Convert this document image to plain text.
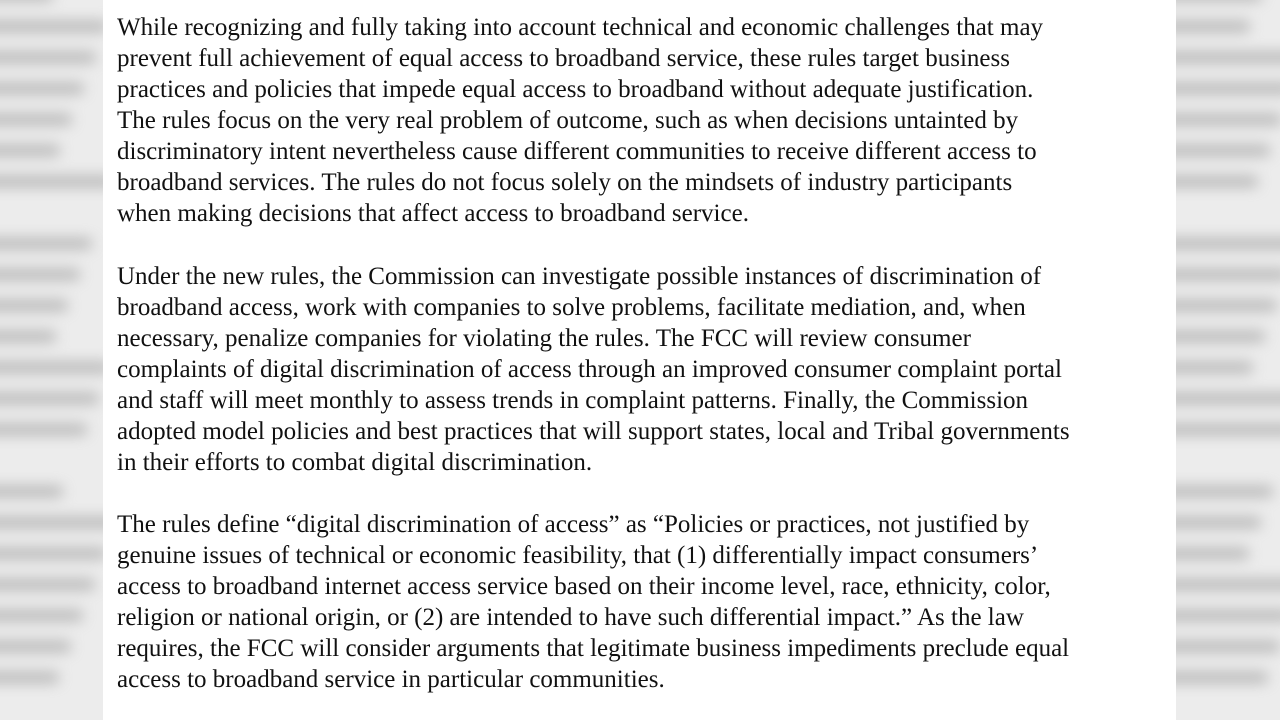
While recognizing and fully taking into account technical and economic challenges that may
prevent full achievement of equal access to broadband service, these rules target business
practices and policies that impede equal access to broadband without adequate justification.
The rules focus on the very real problem of outcome, such as when decisions untainted by
discriminatory intent nevertheless cause different communities to receive different access to
broadband services. The rules do not focus solely on the mindsets of industry participants
when making decisions that affect access to broadband service.

Under the new rules, the Commission can investigate possible instances of discrimination of
broadband access, work with companies to solve problems, facilitate mediation, and, when
necessary, penalize companies for violating the rules. The FCC will review consumer
complaints of digital discrimination of access through an improved consumer complaint portal
and staff will meet monthly to assess trends in complaint patterns. Finally, the Commission
adopted model policies and best practices that will support states, local and Tribal governments
in their efforts to combat digital discrimination.

The rules define “digital discrimination of access” as “Policies or practices, not justified by
genuine issues of technical or economic feasibility, that (1) differentially impact consumers’
access to broadband internet access service based on their income level, race, ethnicity, color,
religion or national origin, or (2) are intended to have such differential impact.” As the law
requires, the FCC will consider arguments that legitimate business impediments preclude equal
access to broadband service in particular communities.
